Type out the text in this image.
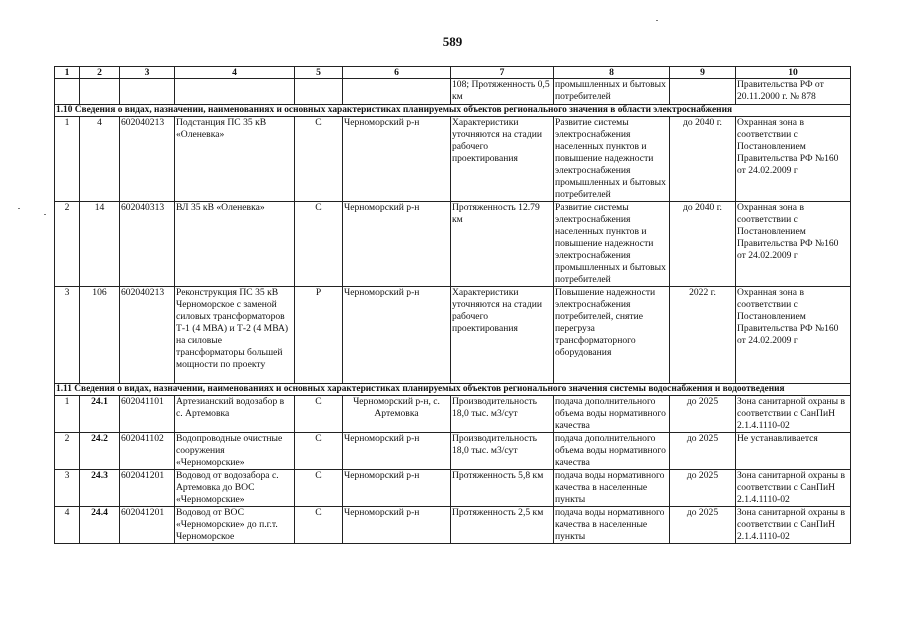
589
1	2	3	4	5	6	7	8	9	10
						108; Протяженность 0,5 км	промышленных и бытовых потребителей		Правительства РФ от 20.11.2000 г. № 878
1.10 Сведения о видах, назначении, наименованиях и основных характеристиках планируемых объектов регионального значения в области электроснабжения									
1	4	602040213	Подстанция ПС 35 кВ «Оленевка»	С	Черноморский р-н	Характеристики уточняются на стадии рабочего проектирования	Развитие системы электроснабжения населенных пунктов и повышение надежности электроснабжения промышленных и бытовых потребителей	до 2040 г.	Охранная зона в соответствии с Постановлением Правительства РФ №160 от 24.02.2009 г
2	14	602040313	ВЛ 35 кВ «Оленевка»	С	Черноморский р-н	Протяженность 12.79 км	Развитие системы электроснабжения населенных пунктов и повышение надежности электроснабжения промышленных и бытовых потребителей	до 2040 г.	Охранная зона в соответствии с Постановлением Правительства РФ №160 от 24.02.2009 г
3	106	602040213	Реконструкция ПС 35 кВ Черноморское с заменой силовых трансформаторов Т-1 (4 МВА) и Т-2 (4 МВА) на силовые трансформаторы большей мощности по проекту	Р	Черноморский р-н	Характеристики уточняются на стадии рабочего проектирования	Повышение надежности электроснабжения потребителей, снятие перегруза трансформаторного оборудования	2022 г.	Охранная зона в соответствии с Постановлением Правительства РФ №160 от 24.02.2009 г
1.11 Сведения о видах, назначении, наименованиях и основных характеристиках планируемых объектов регионального значения системы водоснабжения и водоотведения									
1	24.1	602041101	Артезианский водозабор в с. Артемовка	С	Черноморский р-н, с. Артемовка	Производительность 18,0 тыс. м3/сут	подача дополнительного объема воды нормативного качества	до 2025	Зона санитарной охраны в соответствии с СанПиН 2.1.4.1110-02
2	24.2	602041102	Водопроводные очистные сооружения «Черноморские»	С	Черноморский р-н	Производительность 18,0 тыс. м3/сут	подача дополнительного объема воды нормативного качества	до 2025	Не устанавливается
3	24.3	602041201	Водовод от водозабора с. Артемовка до ВОС «Черноморские»	С	Черноморский р-н	Протяженность 5,8 км	подача воды нормативного качества в населенные пункты	до 2025	Зона санитарной охраны в соответствии с СанПиН 2.1.4.1110-02
4	24.4	602041201	Водовод от ВОС «Черноморские» до п.г.т. Черноморское	С	Черноморский р-н	Протяженность 2,5 км	подача воды нормативного качества в населенные пункты	до 2025	Зона санитарной охраны в соответствии с СанПиН 2.1.4.1110-02
